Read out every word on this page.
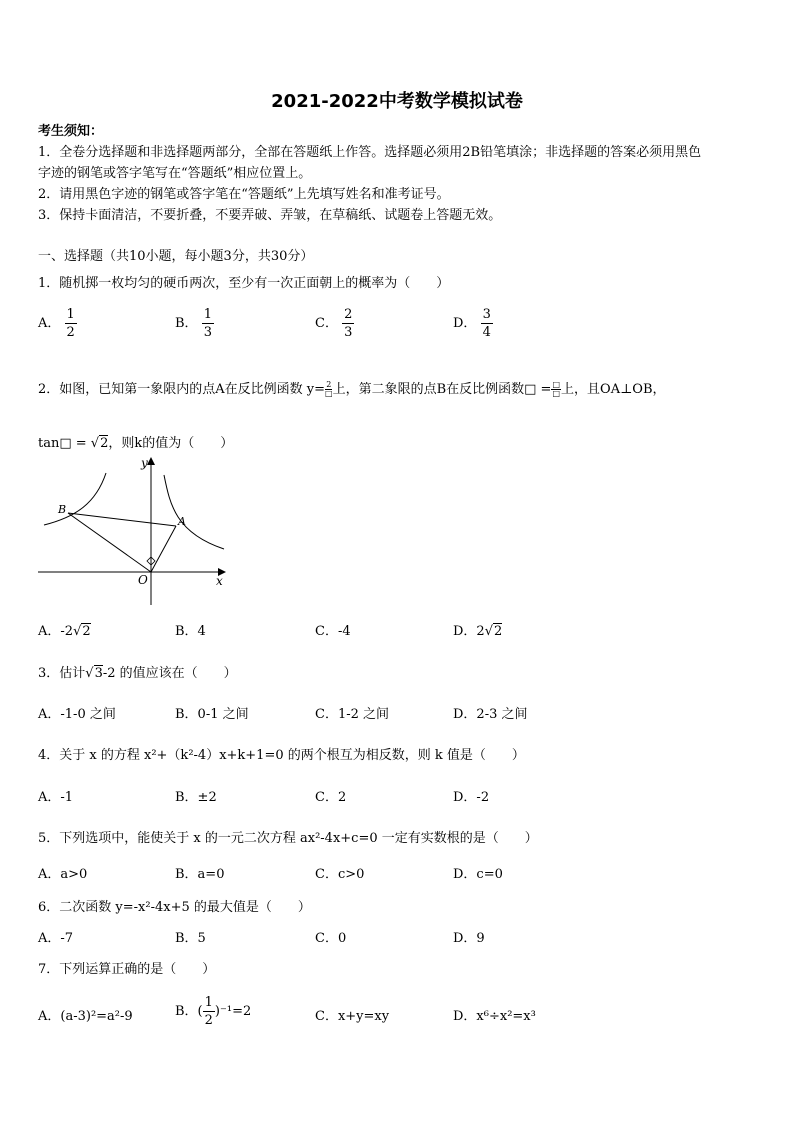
2021-2022中考数学模拟试卷
考生须知：
1．全卷分选择题和非选择题两部分，全部在答题纸上作答。选择题必须用2B铅笔填涂；非选择题的答案必须用黑色
字迹的钢笔或答字笔写在“答题纸”相应位置上。
2．请用黑色字迹的钢笔或答字笔在“答题纸”上先填写姓名和准考证号。
3．保持卡面清洁，不要折叠，不要弄破、弄皱，在草稿纸、试题卷上答题无效。
一、选择题（共10小题，每小题3分，共30分）
1．随机掷一枚均匀的硬币两次，至少有一次正面朝上的概率为（　　）
A． $\frac{1}{2}$	B． $\frac{1}{3}$	C． $\frac{2}{3}$	D． $\frac{3}{4}$
2．如图，已知第一象限内的点A在反比例函数 y= 2
□ 上，第二象限的点B在反比例函数□ = □
□ 上，且OA⊥OB，
tan□ = √2，则k的值为（　　）
y
x
O
A
B
A．-2√2	B．4	C．-4	D．2√2
3．估计√3-2 的值应该在（　　）
A．-1-0 之间	B．0-1 之间	C．1-2 之间	D．2-3 之间
4．关于 x 的方程 x²+（k²-4）x+k+1=0 的两个根互为相反数，则 k 值是（　　）
A．-1	B．±2	C．2	D．-2
5．下列选项中，能使关于 x 的一元二次方程 ax²-4x+c=0 一定有实数根的是（　　）
A．a>0	B．a=0	C．c>0	D．c=0
6．二次函数 y=-x²-4x+5 的最大值是（　　）
A．-7	B．5	C．0	D．9
7．下列运算正确的是（　　）
A．(a-3)²=a²-9	B．( $\frac{1}{2} )^{-1}=2$	C．x+y=xy	D．x⁶÷x²=x³
